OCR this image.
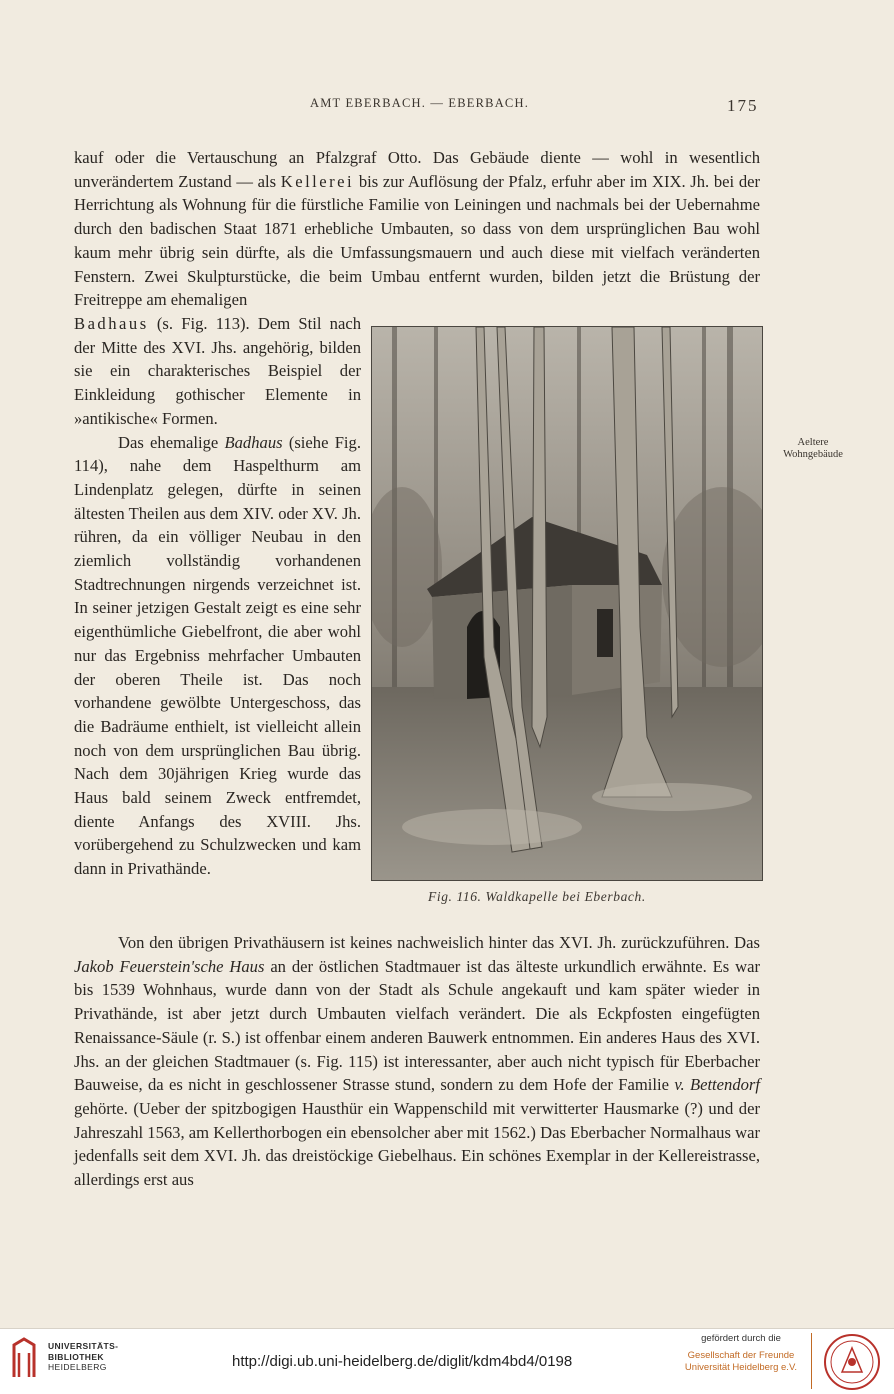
AMT EBERBACH. — EBERBACH.	175

kauf oder die Vertauschung an Pfalzgraf Otto. Das Gebäude diente — wohl in wesentlich unverändertem Zustand — als Kellerei bis zur Auflösung der Pfalz, erfuhr aber im XIX. Jh. bei der Herrichtung als Wohnung für die fürstliche Familie von Leiningen und nachmals bei der Uebernahme durch den badischen Staat 1871 erhebliche Umbauten, so dass von dem ursprünglichen Bau wohl kaum mehr übrig sein dürfte, als die Umfassungsmauern und auch diese mit vielfach veränderten Fenstern. Zwei Skulpturstücke, die beim Umbau entfernt wurden, bilden jetzt die Brüstung der Freitreppe am ehemaligen

Badhaus (s. Fig. 113). Dem Stil nach der Mitte des XVI. Jhs. angehörig, bilden sie ein charakterisches Beispiel der Einkleidung gothischer Elemente in »antikische« Formen.

Das ehemalige Badhaus (siehe Fig. 114), nahe dem Haspelthurm am Lindenplatz gelegen, dürfte in seinen ältesten Theilen aus dem XIV. oder XV. Jh. rühren, da ein völliger Neubau in den ziemlich vollständig vorhandenen Stadtrechnungen nirgends verzeichnet ist. In seiner jetzigen Gestalt zeigt es eine sehr eigenthümliche Giebelfront, die aber wohl nur das Ergebniss mehrfacher Umbauten der oberen Theile ist. Das noch vorhandene gewölbte Untergeschoss, das die Badräume enthielt, ist vielleicht allein noch von dem ursprünglichen Bau übrig. Nach dem 30jährigen Krieg wurde das Haus bald seinem Zweck entfremdet, diente Anfangs des XVIII. Jhs. vorübergehend zu Schulzwecken und kam dann in Privathände.

Fig. 116. Waldkapelle bei Eberbach.
Aeltere
Wohngebäude

Von den übrigen Privathäusern ist keines nachweislich hinter das XVI. Jh. zurückzuführen. Das Jakob Feuerstein'sche Haus an der östlichen Stadtmauer ist das älteste urkundlich erwähnte. Es war bis 1539 Wohnhaus, wurde dann von der Stadt als Schule angekauft und kam später wieder in Privathände, ist aber jetzt durch Umbauten vielfach verändert. Die als Eckpfosten eingefügten Renaissance-Säule (r. S.) ist offenbar einem anderen Bauwerk entnommen. Ein anderes Haus des XVI. Jhs. an der gleichen Stadtmauer (s. Fig. 115) ist interessanter, aber auch nicht typisch für Eberbacher Bauweise, da es nicht in geschlossener Strasse stund, sondern zu dem Hofe der Familie v. Bettendorf gehörte. (Ueber der spitzbogigen Hausthür ein Wappenschild mit verwitterter Hausmarke (?) und der Jahreszahl 1563, am Kellerthorbogen ein ebensolcher aber mit 1562.) Das Eberbacher Normalhaus war jedenfalls seit dem XVI. Jh. das dreistöckige Giebelhaus. Ein schönes Exemplar in der Kellereistrasse, allerdings erst aus

UNIVERSITÄTS-
BIBLIOTHEK
HEIDELBERG	http://digi.ub.uni-heidelberg.de/diglit/kdm4bd4/0198
gefördert durch die
Gesellschaft der Freunde
Universität Heidelberg e.V.
